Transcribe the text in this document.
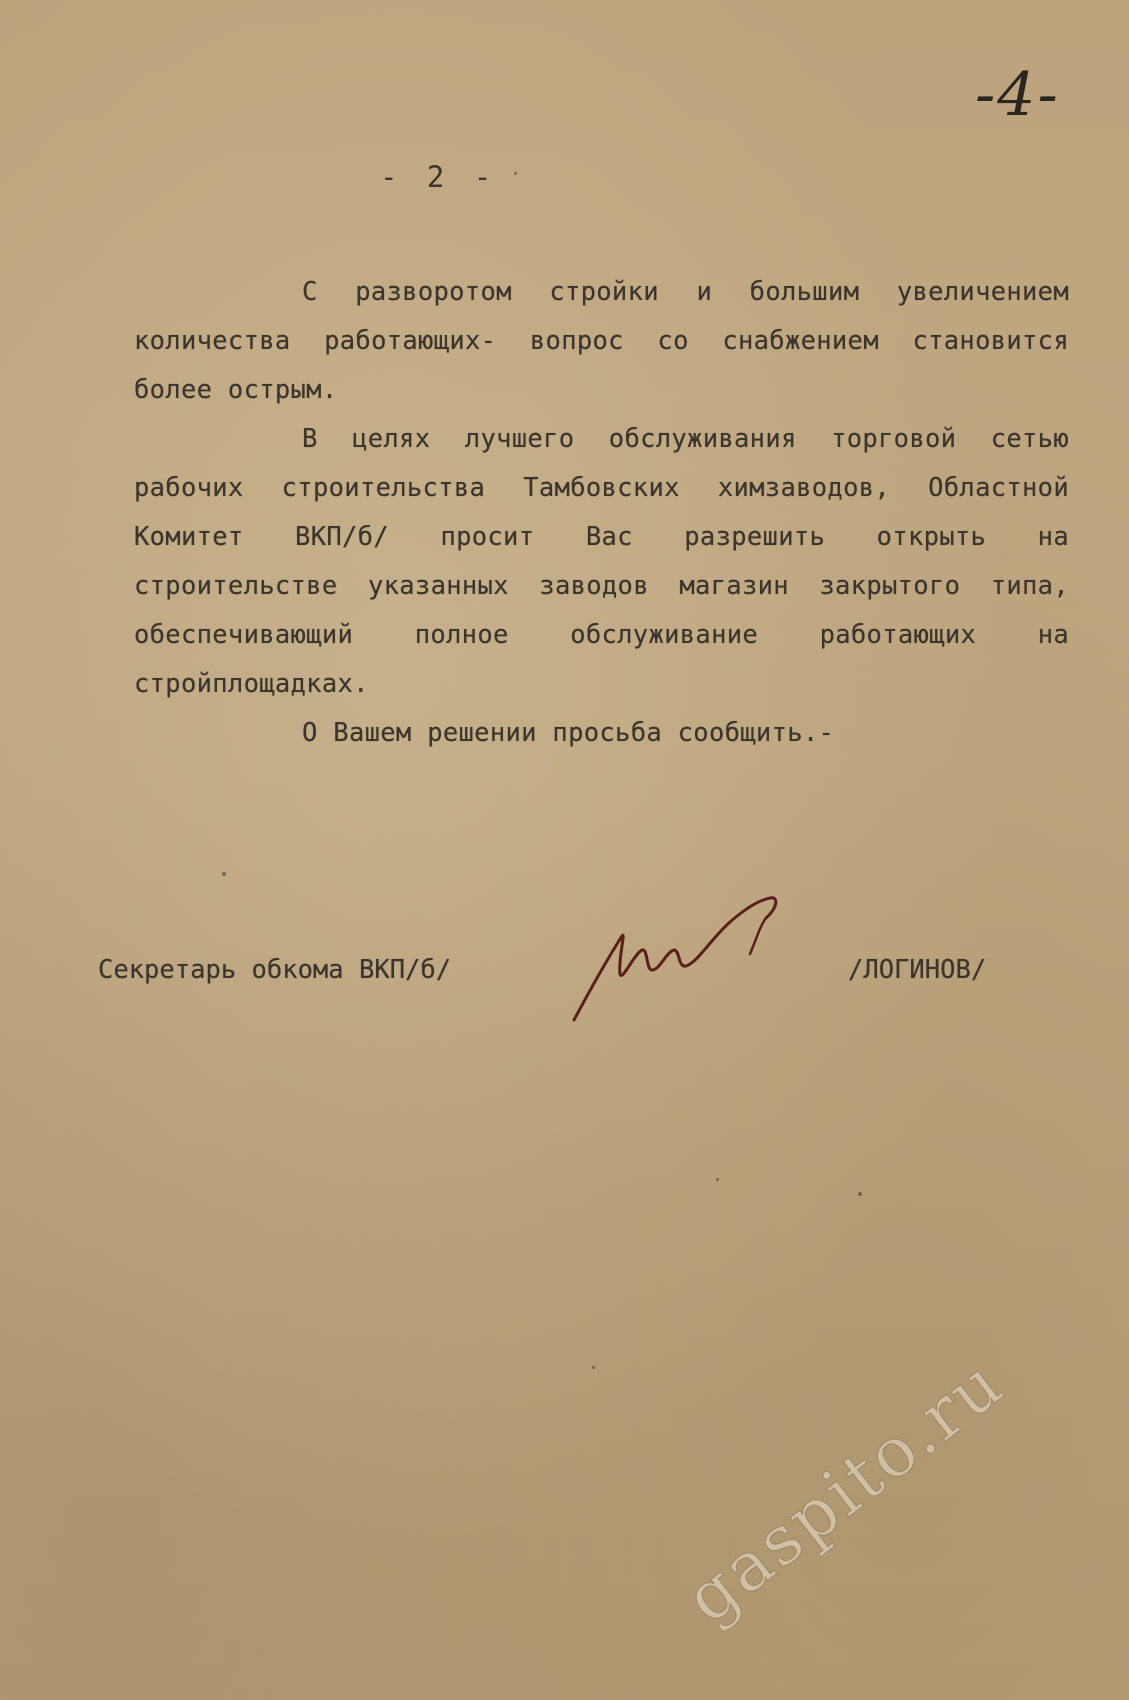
-4-
- 2 -

С разворотом стройки и большим увеличением количества работающих- вопрос со снабжением становится более острым.

В целях лучшего обслуживания торговой сетью рабочих строительства Тамбовских химзаводов, Областной Комитет ВКП/б/ просит Вас разрешить открыть на строительстве указанных заводов магазин закрытого типа, обеспечивающий полное обслуживание работающих на стройплощадках.

О Вашем решении просьба сообщить.-

Секретарь обкома ВКП/б/	/ЛОГИНОВ/
gaspito.ru
